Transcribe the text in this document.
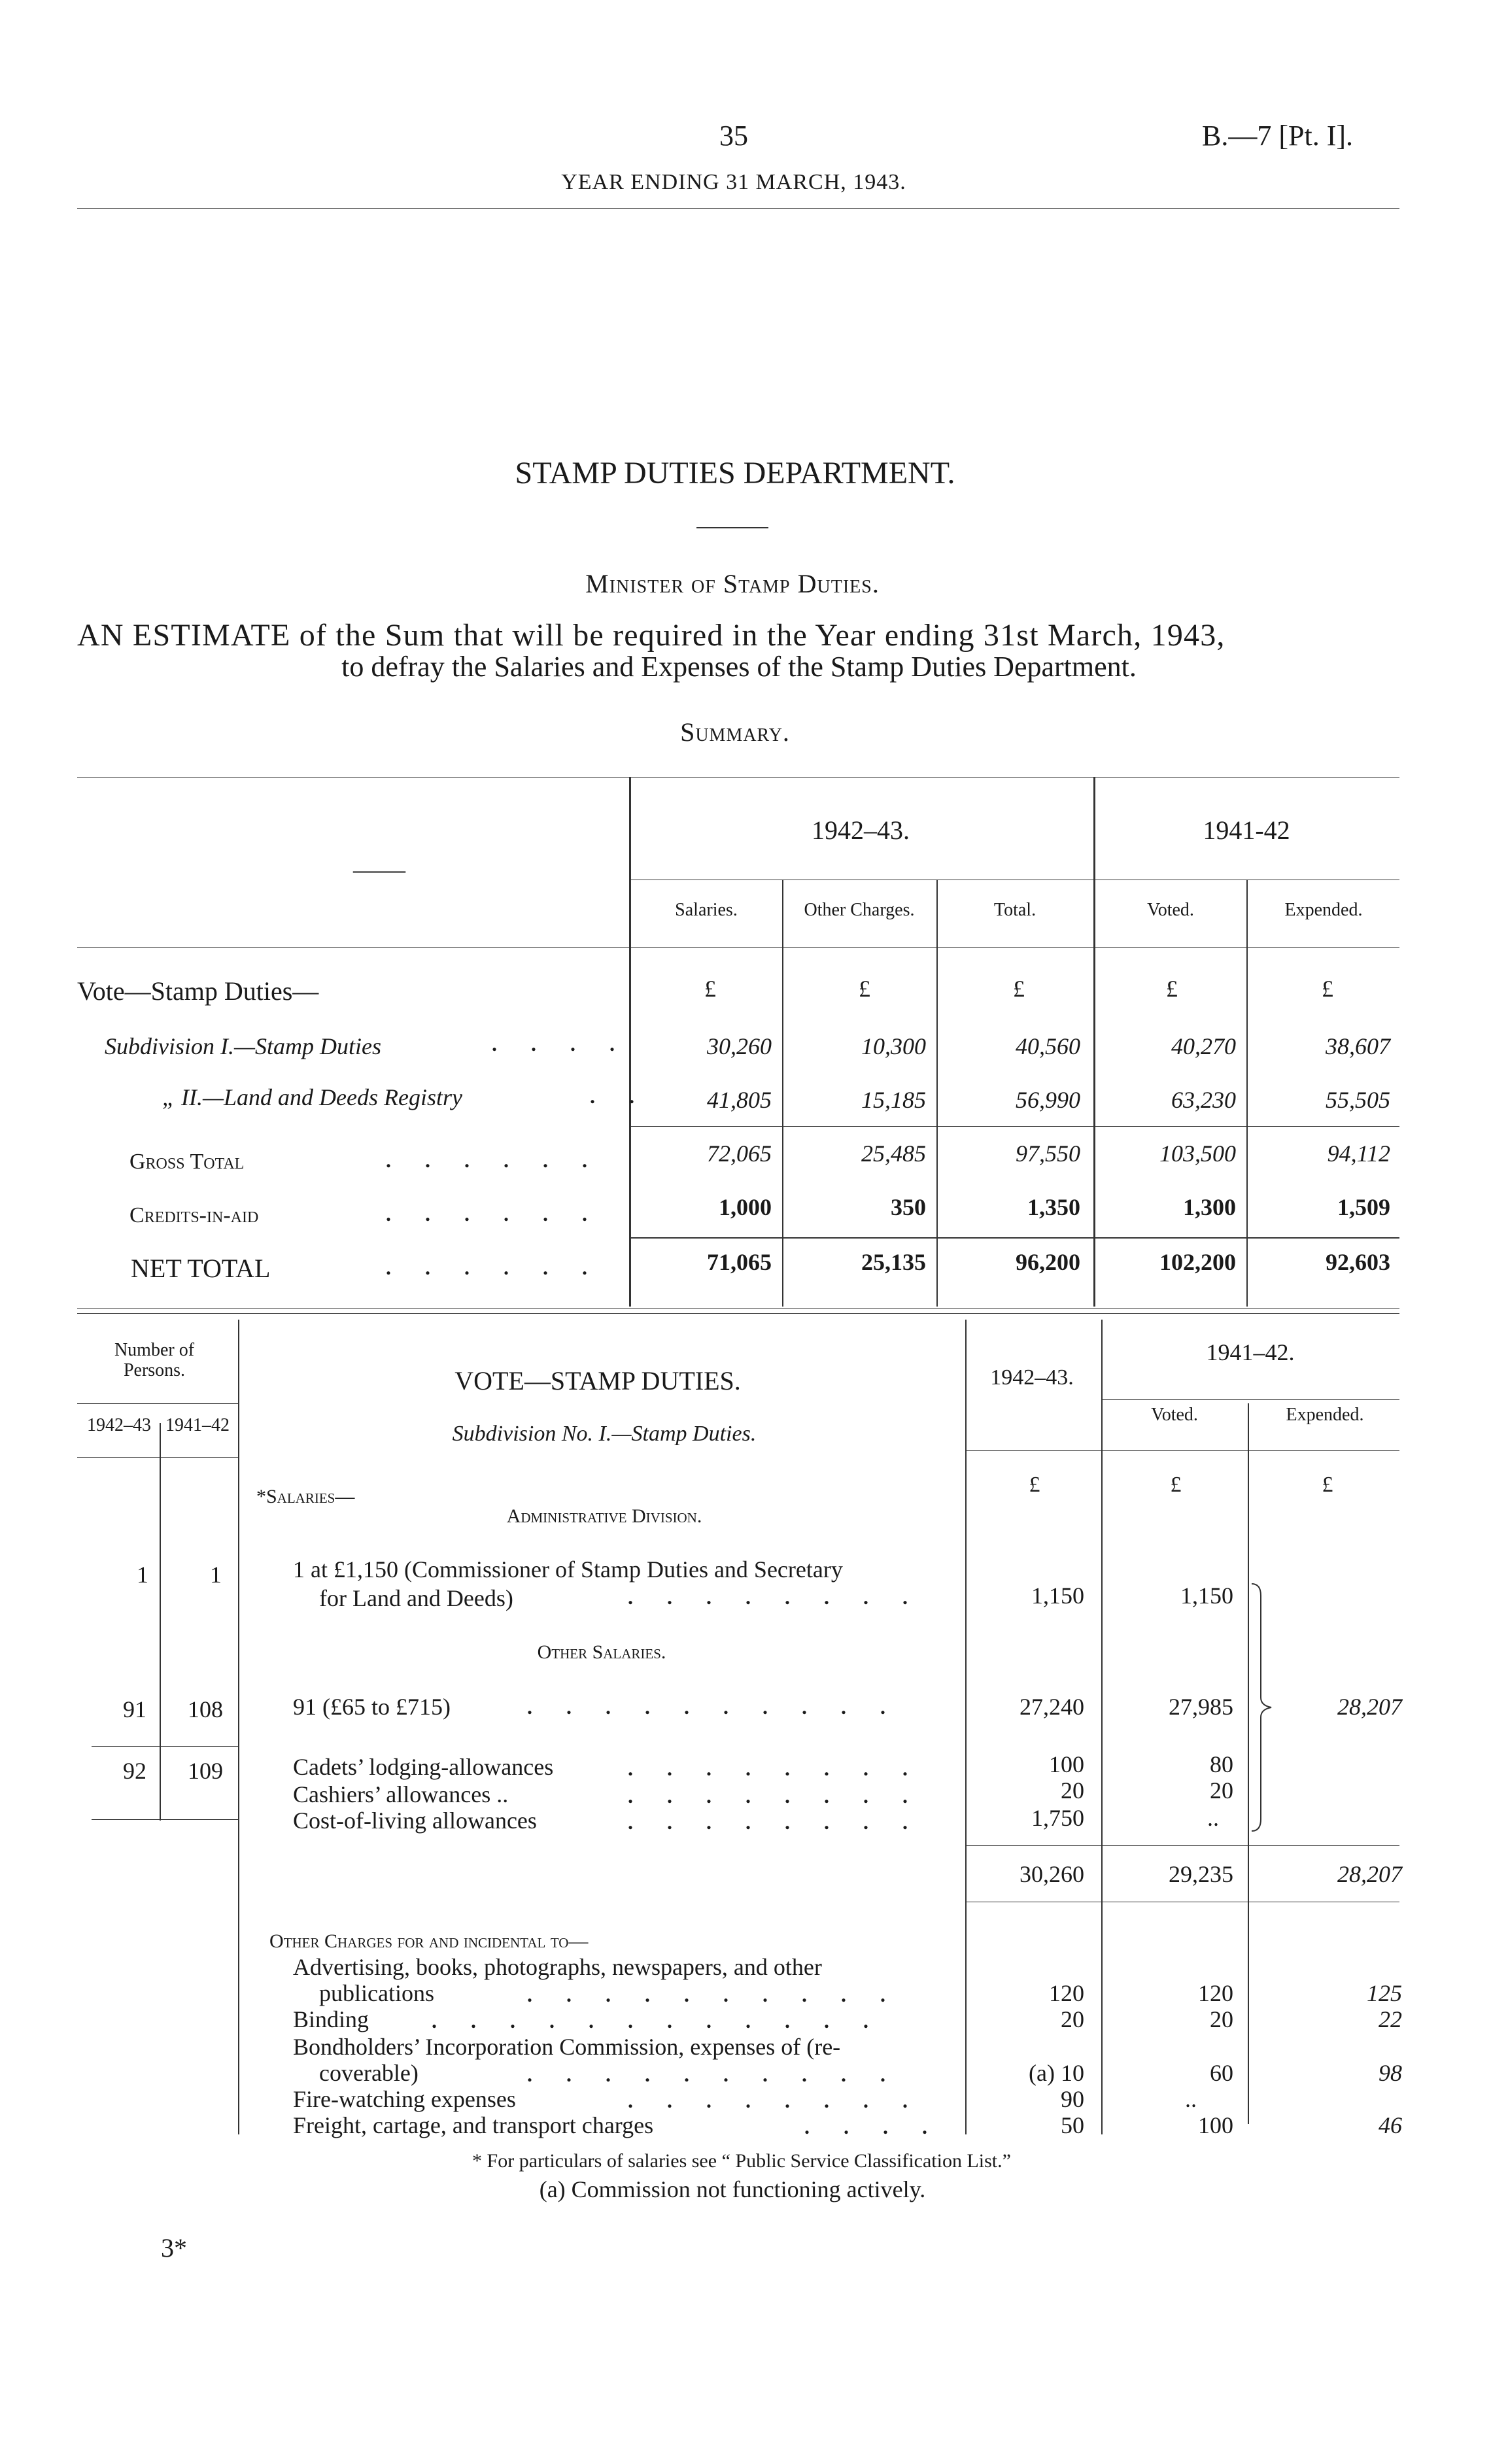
35	B.—7 [Pt. I].
YEAR ENDING 31 MARCH, 1943.
STAMP DUTIES DEPARTMENT.
Minister of Stamp Duties.
AN ESTIMATE of the Sum that will be required in the Year ending 31st March, 1943,
to defray the Salaries and Expenses of the Stamp Duties Department.
Summary.
——
1942–43.	1941-42
Salaries.	Other Charges.	Total.	Voted.	Expended.
Vote—Stamp Duties—	£	£	£	£	£
Subdivision I.—Stamp Duties	. . . .	30,260	10,300	40,560	40,270	38,607
„ II.—Land and Deeds Registry	. . 41,805	15,185	56,990	63,230	55,505
Gross Total	. . . . . .	72,065	25,485	97,550	103,500	94,112
Credits-in-aid	. . . . . .	1,000	350	1,350	1,300	1,509
NET TOTAL	. . . . . .	71,065	25,135	96,200	102,200	92,603
Number of Persons.
1942–43 1941–42
VOTE—STAMP DUTIES.
Subdivision No. I.—Stamp Duties.
1942–43.
1941–42.
Voted.	Expended.
£	£	£
*Salaries—
Administrative Division.
1	1	1 at £1,150 (Commissioner of Stamp Duties and Secretary
for Land and Deeds)	. . . . . . . .	1,150	1,150
Other Salaries.
91 108	91 (£65 to £715)	. . . . . . . . . .	27,240	27,985	28,207
92 109	Cadets’ lodging-allowances	. . . . . . . .	100	80
Cashiers’ allowances ..	. . . . . . . .	20	20
Cost-of-living allowances	. . . . . . . .	1,750	..
30,260	29,235	28,207
Other Charges for and incidental to—
Advertising, books, photographs, newspapers, and other
publications	. . . . . . . . . .	120	120	125
Binding	. . . . . . . . . . . .	20	20	22
Bondholders’ Incorporation Commission, expenses of (re-
coverable)	. . . . . . . . . .	(a) 10	60	98
Fire-watching expenses	. . . . . . . .	90	..
Freight, cartage, and transport charges	. . . .	50	100	46
* For particulars of salaries see “ Public Service Classification List.”
(a) Commission not functioning actively.
3*
